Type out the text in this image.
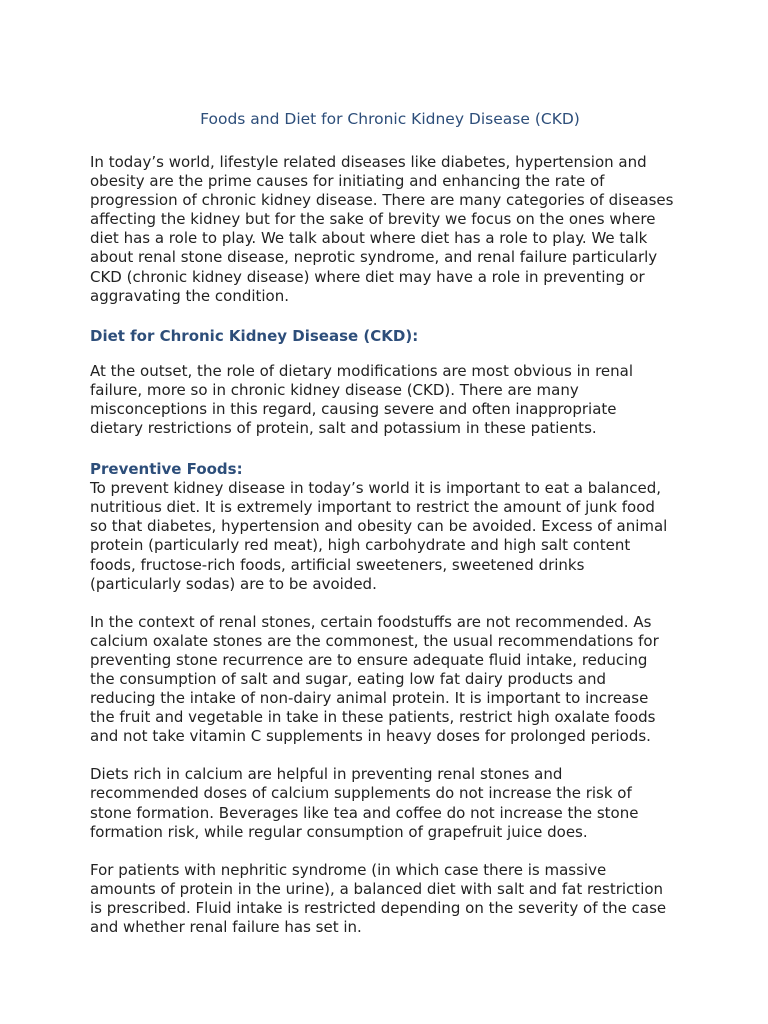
Foods and Diet for Chronic Kidney Disease (CKD)

In today’s world, lifestyle related diseases like diabetes, hypertension and
obesity are the prime causes for initiating and enhancing the rate of
progression of chronic kidney disease. There are many categories of diseases
affecting the kidney but for the sake of brevity we focus on the ones where
diet has a role to play. We talk about where diet has a role to play. We talk
about renal stone disease, neprotic syndrome, and renal failure particularly
CKD (chronic kidney disease) where diet may have a role in preventing or
aggravating the condition.

Diet for Chronic Kidney Disease (CKD):

At the outset, the role of dietary modifications are most obvious in renal
failure, more so in chronic kidney disease (CKD). There are many
misconceptions in this regard, causing severe and often inappropriate
dietary restrictions of protein, salt and potassium in these patients.

Preventive Foods:

To prevent kidney disease in today’s world it is important to eat a balanced,
nutritious diet. It is extremely important to restrict the amount of junk food
so that diabetes, hypertension and obesity can be avoided. Excess of animal
protein (particularly red meat), high carbohydrate and high salt content
foods, fructose-rich foods, artificial sweeteners, sweetened drinks
(particularly sodas) are to be avoided.

In the context of renal stones, certain foodstuffs are not recommended. As
calcium oxalate stones are the commonest, the usual recommendations for
preventing stone recurrence are to ensure adequate fluid intake, reducing
the consumption of salt and sugar, eating low fat dairy products and
reducing the intake of non-dairy animal protein. It is important to increase
the fruit and vegetable in take in these patients, restrict high oxalate foods
and not take vitamin C supplements in heavy doses for prolonged periods.

Diets rich in calcium are helpful in preventing renal stones and
recommended doses of calcium supplements do not increase the risk of
stone formation. Beverages like tea and coffee do not increase the stone
formation risk, while regular consumption of grapefruit juice does.

For patients with nephritic syndrome (in which case there is massive
amounts of protein in the urine), a balanced diet with salt and fat restriction
is prescribed. Fluid intake is restricted depending on the severity of the case
and whether renal failure has set in.
